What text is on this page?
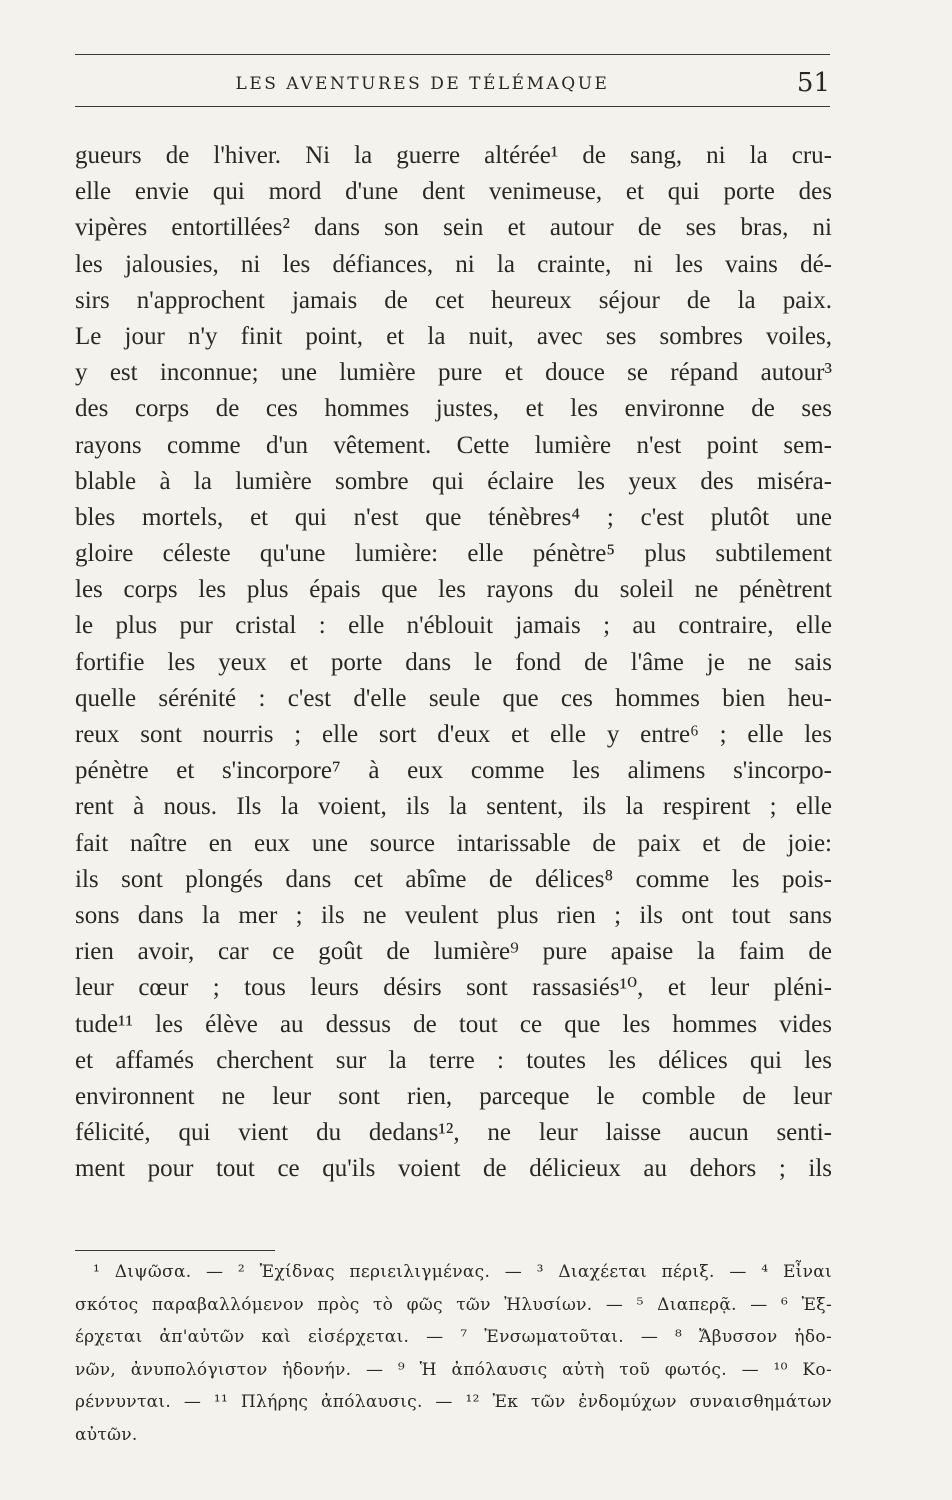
LES AVENTURES DE TÉLÉMAQUE	51
gueurs de l'hiver. Ni la guerre altérée¹ de sang, ni la cru-
elle envie qui mord d'une dent venimeuse, et qui porte des
vipères entortillées² dans son sein et autour de ses bras, ni
les jalousies, ni les défiances, ni la crainte, ni les vains dé-
sirs n'approchent jamais de cet heureux séjour de la paix.
Le jour n'y finit point, et la nuit, avec ses sombres voiles,
y est inconnue; une lumière pure et douce se répand autour³
des corps de ces hommes justes, et les environne de ses
rayons comme d'un vêtement. Cette lumière n'est point sem-
blable à la lumière sombre qui éclaire les yeux des miséra-
bles mortels, et qui n'est que ténèbres⁴ ; c'est plutôt une
gloire céleste qu'une lumière: elle pénètre⁵ plus subtilement
les corps les plus épais que les rayons du soleil ne pénètrent
le plus pur cristal : elle n'éblouit jamais ; au contraire, elle
fortifie les yeux et porte dans le fond de l'âme je ne sais
quelle sérénité : c'est d'elle seule que ces hommes bien heu-
reux sont nourris ; elle sort d'eux et elle y entre⁶ ; elle les
pénètre et s'incorpore⁷ à eux comme les alimens s'incorpo-
rent à nous. Ils la voient, ils la sentent, ils la respirent ; elle
fait naître en eux une source intarissable de paix et de joie:
ils sont plongés dans cet abîme de délices⁸ comme les pois-
sons dans la mer ; ils ne veulent plus rien ; ils ont tout sans
rien avoir, car ce goût de lumière⁹ pure apaise la faim de
leur cœur ; tous leurs désirs sont rassasiés¹⁰, et leur pléni-
tude¹¹ les élève au dessus de tout ce que les hommes vides
et affamés cherchent sur la terre : toutes les délices qui les
environnent ne leur sont rien, parceque le comble de leur
félicité, qui vient du dedans¹², ne leur laisse aucun senti-
ment pour tout ce qu'ils voient de délicieux au dehors ; ils
¹ Διψῶσα. — ² Ἐχίδνας περιειλιγμένας. — ³ Διαχέεται πέριξ. — ⁴ Εἶναι
σκότος παραβαλλόμενον πρὸς τὸ φῶς τῶν Ἠλυσίων. — ⁵ Διαπερᾷ. — ⁶ Ἐξ-
έρχεται ἀπ'αὐτῶν καὶ εἰσέρχεται. — ⁷ Ἐνσωματοῦται. — ⁸ Ἄβυσσον ἡδο-
νῶν, ἀνυπολόγιστον ἡδονήν. — ⁹ Ἡ ἀπόλαυσις αὐτὴ τοῦ φωτός. — ¹⁰ Κο-
ρέννυνται. — ¹¹ Πλήρης ἀπόλαυσις. — ¹² Ἐκ τῶν ἐνδομύχων συναισθημάτων
αὐτῶν.
